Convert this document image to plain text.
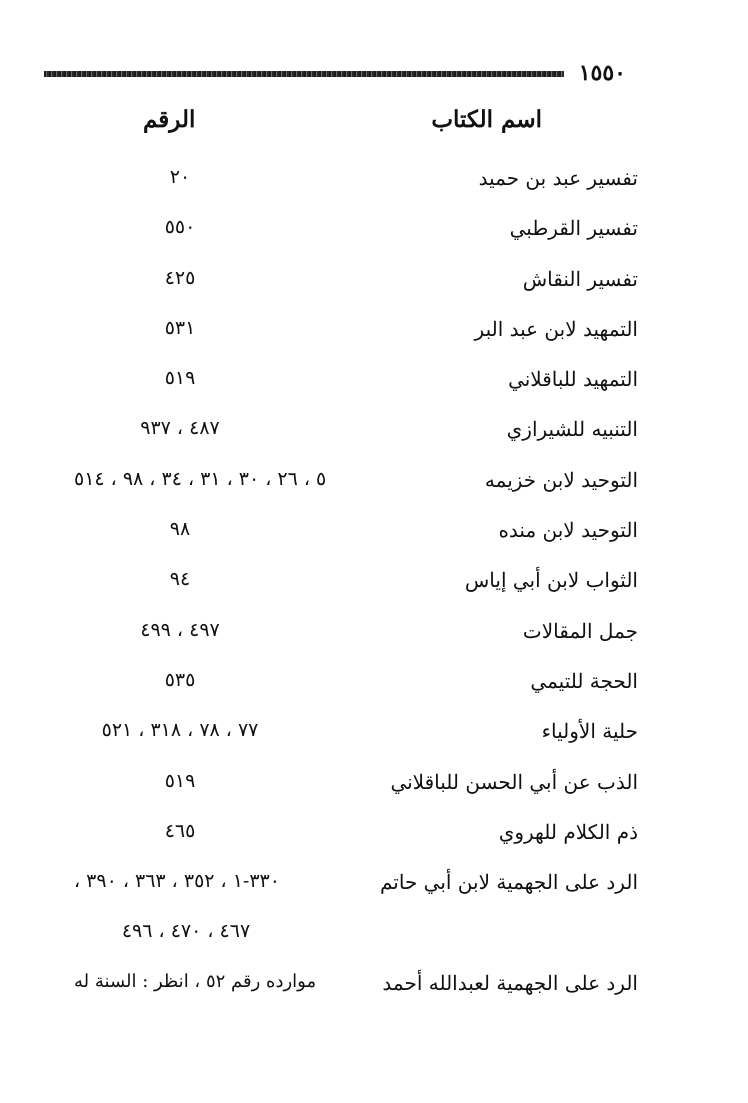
١٥٥٠
اسم الكتاب
الرقم
تفسير عبد بن حميد
٢٠
تفسير القرطبي
٥٥٠
تفسير النقاش
٤٢٥
التمهيد لابن عبد البر
٥٣١
التمهيد للباقلاني
٥١٩
التنبيه للشيرازي
٤٨٧ ، ٩٣٧
التوحيد لابن خزيمه
٥ ، ٢٦ ، ٣٠ ، ٣١ ، ٣٤ ، ٩٨ ، ٥١٤
التوحيد لابن منده
٩٨
الثواب لابن أبي إياس
٩٤
جمل المقالات
٤٩٧ ، ٤٩٩
الحجة للتيمي
٥٣٥
حلية الأولياء
٧٧ ، ٧٨ ، ٣١٨ ، ٥٢١
الذب عن أبي الحسن للباقلاني
٥١٩
ذم الكلام للهروي
٤٦٥
الرد على الجهمية لابن أبي حاتم
٣٣٠-١ ، ٣٥٢ ، ٣٦٣ ، ٣٩٠ ،
٤٦٧ ، ٤٧٠ ، ٤٩٦
الرد على الجهمية لعبدالله أحمد
موارده رقم ٥٢ ، انظر : السنة له
